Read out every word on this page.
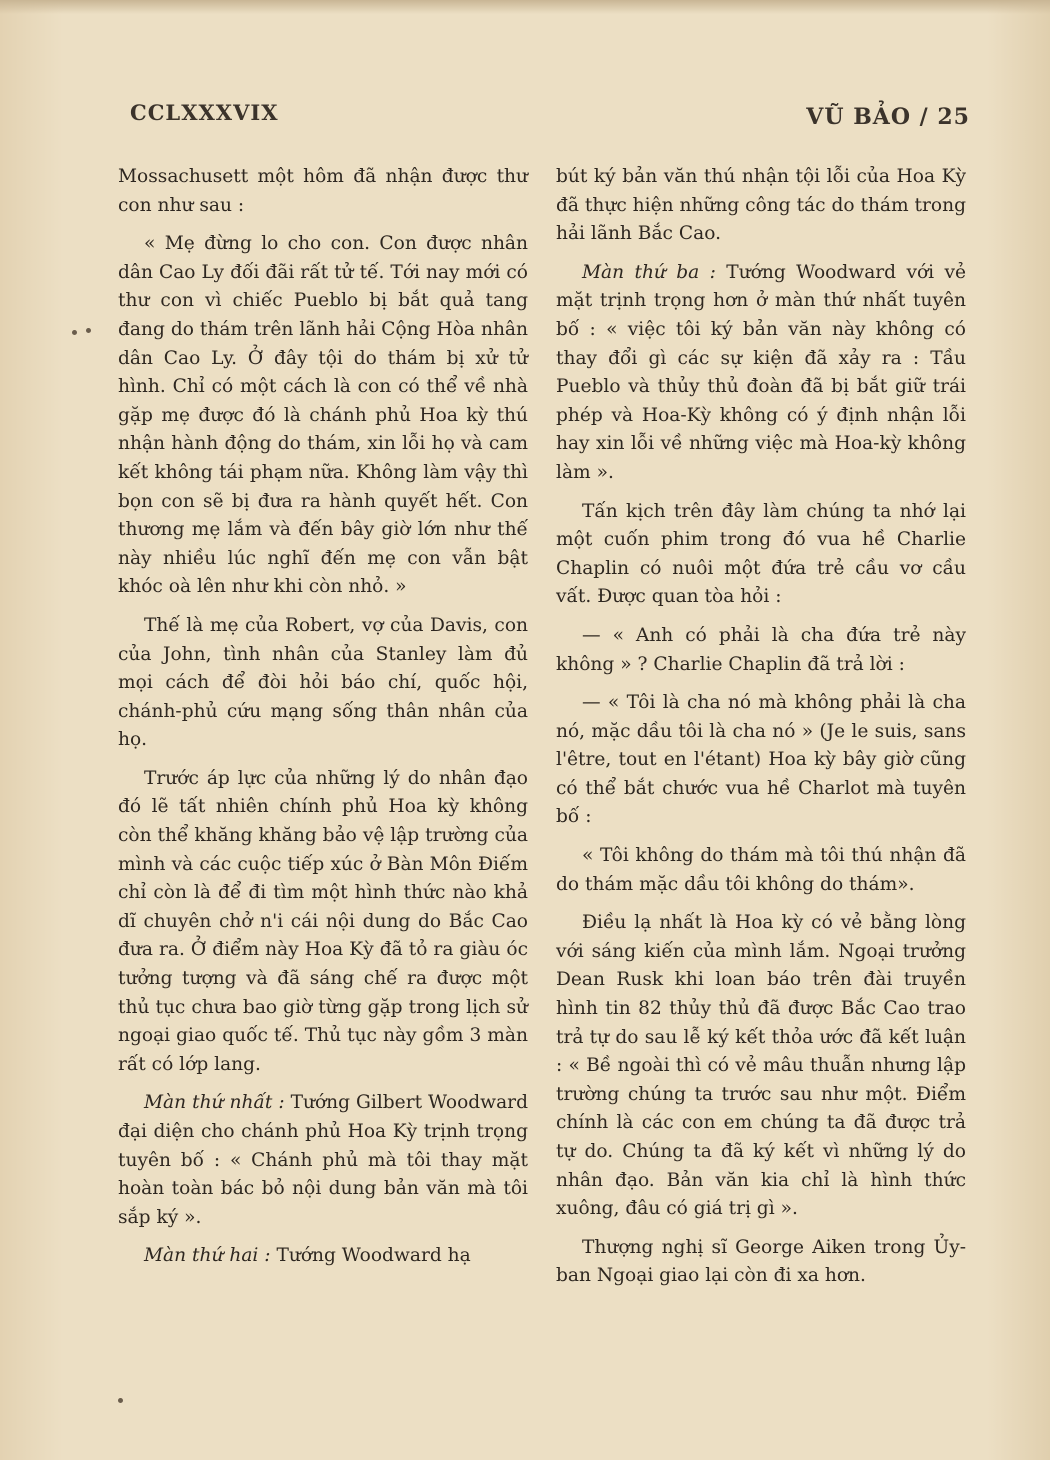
CCLXXXVIX	VŨ BẢO / 25

Mossachusett một hôm đã nhận được thư con như sau :

« Mẹ đừng lo cho con. Con được nhân dân Cao Ly đối đãi rất tử tế. Tới nay mới có thư con vì chiếc Pueblo bị bắt quả tang đang do thám trên lãnh hải Cộng Hòa nhân dân Cao Ly. Ở đây tội do thám bị xử tử hình. Chỉ có một cách là con có thể về nhà gặp mẹ được đó là chánh phủ Hoa kỳ thú nhận hành động do thám, xin lỗi họ và cam kết không tái phạm nữa. Không làm vậy thì bọn con sẽ bị đưa ra hành quyết hết. Con thương mẹ lắm và đến bây giờ lớn như thế này nhiều lúc nghĩ đến mẹ con vẫn bật khóc oà lên như khi còn nhỏ. »

Thế là mẹ của Robert, vợ của Davis, con của John, tình nhân của Stanley làm đủ mọi cách để đòi hỏi báo chí, quốc hội, chánh-phủ cứu mạng sống thân nhân của họ.

Trước áp lực của những lý do nhân đạo đó lẽ tất nhiên chính phủ Hoa kỳ không còn thể khăng khăng bảo vệ lập trường của mình và các cuộc tiếp xúc ở Bàn Môn Điếm chỉ còn là để đi tìm một hình thức nào khả dĩ chuyên chở n'i cái nội dung do Bắc Cao đưa ra. Ở điểm này Hoa Kỳ đã tỏ ra giàu óc tưởng tượng và đã sáng chế ra được một thủ tục chưa bao giờ từng gặp trong lịch sử ngoại giao quốc tế. Thủ tục này gồm 3 màn rất có lớp lang.

Màn thứ nhất : Tướng Gilbert Woodward đại diện cho chánh phủ Hoa Kỳ trịnh trọng tuyên bố : « Chánh phủ mà tôi thay mặt hoàn toàn bác bỏ nội dung bản văn mà tôi sắp ký ».

Màn thứ hai : Tướng Woodward hạ

bút ký bản văn thú nhận tội lỗi của Hoa Kỳ đã thực hiện những công tác do thám trong hải lãnh Bắc Cao.

Màn thứ ba : Tướng Woodward với vẻ mặt trịnh trọng hơn ở màn thứ nhất tuyên bố : « việc tôi ký bản văn này không có thay đổi gì các sự kiện đã xảy ra : Tầu Pueblo và thủy thủ đoàn đã bị bắt giữ trái phép và Hoa-Kỳ không có ý định nhận lỗi hay xin lỗi về những việc mà Hoa-kỳ không làm ».

Tấn kịch trên đây làm chúng ta nhớ lại một cuốn phim trong đó vua hề Charlie Chaplin có nuôi một đứa trẻ cầu vơ cầu vất. Được quan tòa hỏi :

— « Anh có phải là cha đứa trẻ này không » ? Charlie Chaplin đã trả lời :

— « Tôi là cha nó mà không phải là cha nó, mặc dầu tôi là cha nó » (Je le suis, sans l'être, tout en l'étant) Hoa kỳ bây giờ cũng có thể bắt chước vua hề Charlot mà tuyên bố :

« Tôi không do thám mà tôi thú nhận đã do thám mặc dầu tôi không do thám».

Điều lạ nhất là Hoa kỳ có vẻ bằng lòng với sáng kiến của mình lắm. Ngoại trưởng Dean Rusk khi loan báo trên đài truyền hình tin 82 thủy thủ đã được Bắc Cao trao trả tự do sau lễ ký kết thỏa ước đã kết luận : « Bề ngoài thì có vẻ mâu thuẫn nhưng lập trường chúng ta trước sau như một. Điểm chính là các con em chúng ta đã được trả tự do. Chúng ta đã ký kết vì những lý do nhân đạo. Bản văn kia chỉ là hình thức xuông, đâu có giá trị gì ».

Thượng nghị sĩ George Aiken trong Ủy-ban Ngoại giao lại còn đi xa hơn.
